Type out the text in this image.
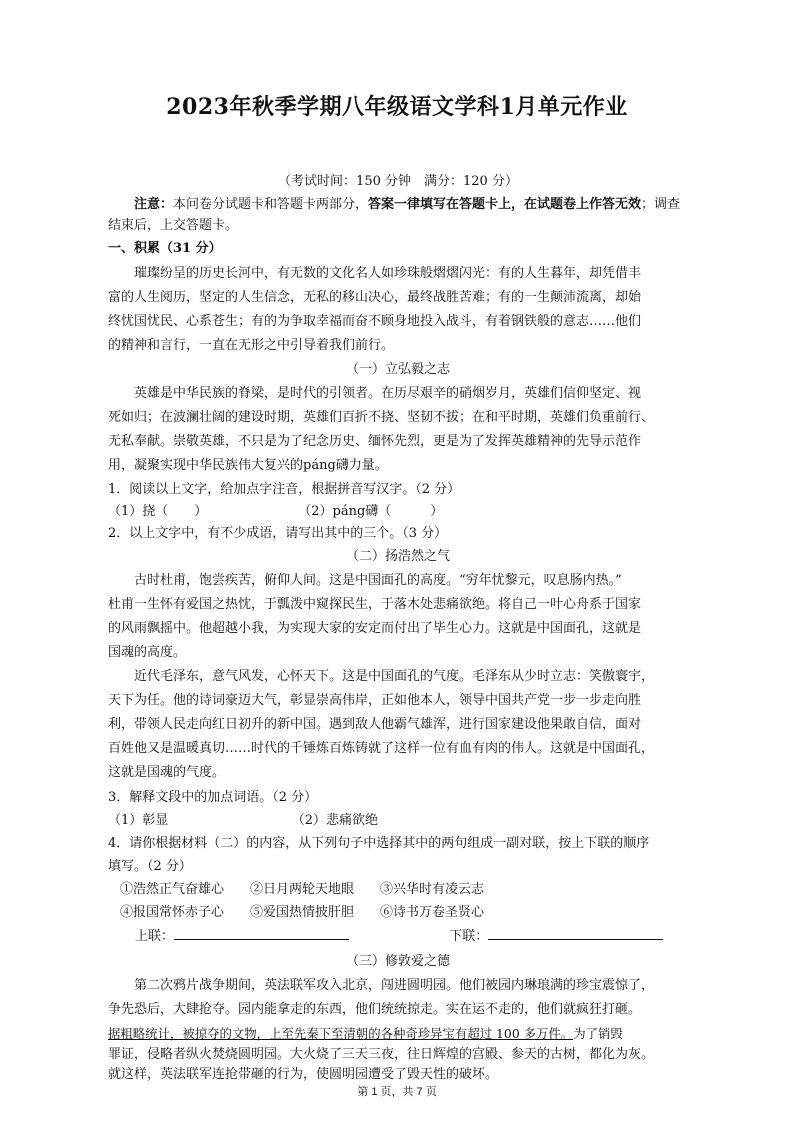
2023年秋季学期八年级语文学科1月单元作业
（考试时间：150 分钟　满分：120 分）
注意：本问卷分试题卡和答题卡两部分，答案一律填写在答题卡上，在试题卷上作答无效；调查
结束后，上交答题卡。
一、积累（31 分）
璀璨纷呈的历史长河中，有无数的文化名人如珍珠般熠熠闪光：有的人生暮年，却凭借丰
富的人生阅历，坚定的人生信念，无私的移山决心，最终战胜苦难；有的一生颠沛流离，却始
终忧国忧民、心系苍生；有的为争取幸福而奋不顾身地投入战斗，有着钢铁般的意志……他们
的精神和言行，一直在无形之中引导着我们前行。
（一）立弘毅之志
英雄是中华民族的脊梁，是时代的引领者。在历尽艰辛的硝烟岁月，英雄们信仰坚定、视
死如归；在波澜壮阔的建设时期，英雄们百折不挠、坚韧不拔；在和平时期，英雄们负重前行、
无私奉献。崇敬英雄，不只是为了纪念历史、缅怀先烈，更是为了发挥英雄精神的先导示范作
用，凝聚实现中华民族伟大复兴的páng礴力量。
1．阅读以上文字，给加点字注音，根据拼音写汉字。（2 分）
（1）挠（　　）　　　　　　　　（2）páng礴（　　　）
2．以上文字中，有不少成语，请写出其中的三个。（3 分）
（二）扬浩然之气
古时杜甫，饱尝疾苦，俯仰人间。这是中国面孔的高度。“穷年忧黎元，叹息肠内热。”
杜甫一生怀有爱国之热忱，于瓢泼中窥探民生，于落木处悲痛欲绝。将自己一叶心舟系于国家
的风雨飘摇中。他超越小我，为实现大家的安定而付出了毕生心力。这就是中国面孔，这就是
国魂的高度。
近代毛泽东，意气风发，心怀天下。这是中国面孔的气度。毛泽东从少时立志：笑傲寰宇，
天下为任。他的诗词豪迈大气，彰显崇高伟岸，正如他本人，领导中国共产党一步一步走向胜
利，带领人民走向红日初升的新中国。遇到敌人他霸气雄浑，进行国家建设他果敢自信，面对
百姓他又是温暖真切……时代的千锤炼百炼铸就了这样一位有血有肉的伟人。这就是中国面孔，
这就是国魂的气度。
3．解释文段中的加点词语。（2 分）
（1）彰显　　　　　　　　　　（2）悲痛欲绝
4．请你根据材料（二）的内容，从下列句子中选择其中的两句组成一副对联，按上下联的顺序
填写。（2 分）
①浩然正气奋雄心　　②日月两轮天地眼　　③兴华时有凌云志
④报国常怀赤子心　　⑤爱国热情披肝胆　　⑥诗书万卷圣贤心
上联：	下联：
（三）修敦爱之德
第二次鸦片战争期间，英法联军攻入北京，闯进圆明园。他们被园内琳琅满的珍宝震惊了，
争先恐后，大肆抢夺。园内能拿走的东西，他们统统掠走。实在运不走的，他们就疯狂打砸。
据粗略统计，被掠夺的文物，上至先秦下至清朝的各种奇珍异宝有超过 100 多万件。为了销毁
罪证，侵略者纵火焚烧圆明园。大火烧了三天三夜，往日辉煌的宫殿、参天的古树，都化为灰。
第 1 页，共 7 页
就这样，英法联军连抢带砸的行为，使圆明园遭受了毁天性的破坏。
